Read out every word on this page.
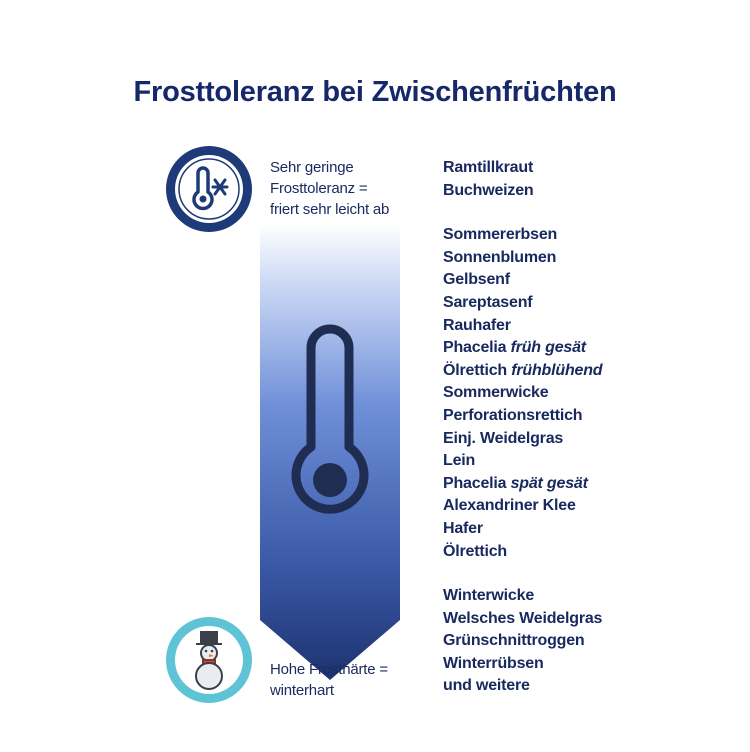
Frosttoleranz bei Zwischenfrüchten
Sehr geringe
Frosttoleranz =
friert sehr leicht ab
Hohe Frosthärte =
winterhart
Ramtillkraut
Buchweizen
Sommererbsen
Sonnenblumen
Gelbsenf
Sareptasenf
Rauhafer
Phacelia früh gesät
Ölrettich frühblühend
Sommerwicke
Perforationsrettich
Einj. Weidelgras
Lein
Phacelia spät gesät
Alexandriner Klee
Hafer
Ölrettich
Winterwicke
Welsches Weidelgras
Grünschnittroggen
Winterrübsen
und weitere
